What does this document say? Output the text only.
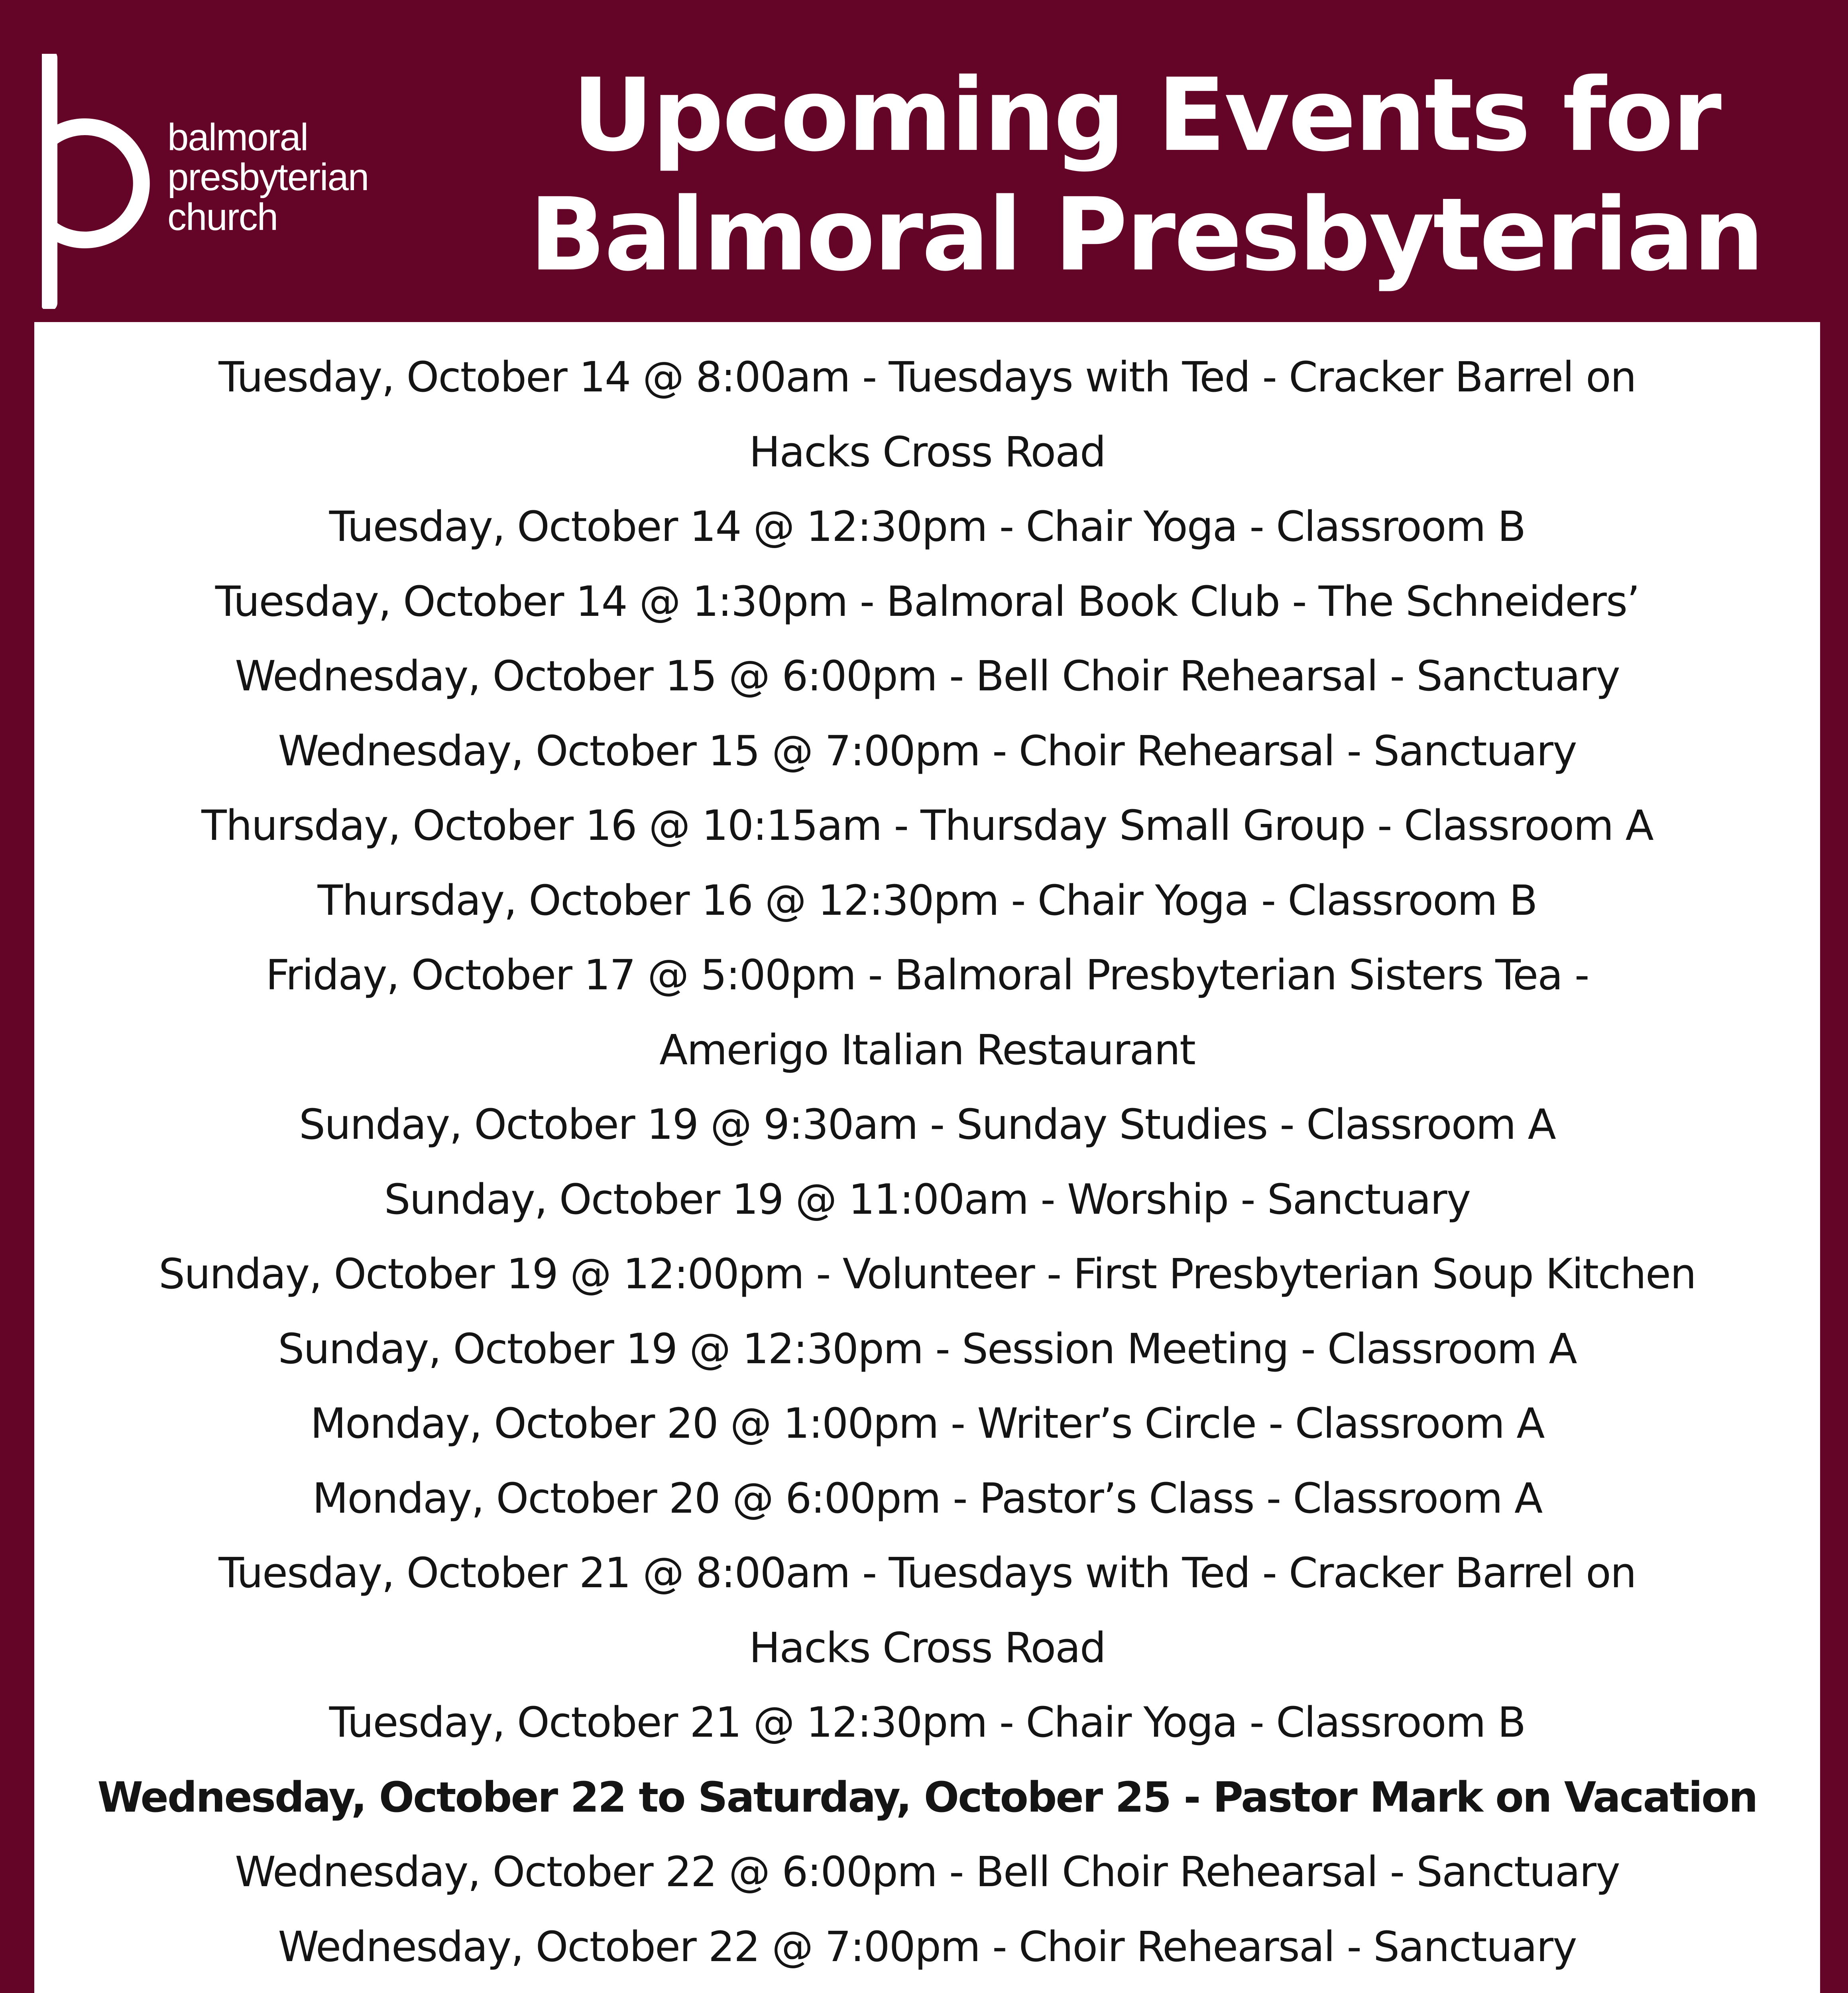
balmoral
presbyterian
church
Upcoming Events for
Balmoral Presbyterian
Tuesday, October 14 @ 8:00am - Tuesdays with Ted - Cracker Barrel on
Hacks Cross Road
Tuesday, October 14 @ 12:30pm - Chair Yoga - Classroom B
Tuesday, October 14 @ 1:30pm - Balmoral Book Club - The Schneiders’
Wednesday, October 15 @ 6:00pm - Bell Choir Rehearsal - Sanctuary
Wednesday, October 15 @ 7:00pm - Choir Rehearsal - Sanctuary
Thursday, October 16 @ 10:15am - Thursday Small Group - Classroom A
Thursday, October 16 @ 12:30pm - Chair Yoga - Classroom B
Friday, October 17 @ 5:00pm - Balmoral Presbyterian Sisters Tea -
Amerigo Italian Restaurant
Sunday, October 19 @ 9:30am - Sunday Studies - Classroom A
Sunday, October 19 @ 11:00am - Worship - Sanctuary
Sunday, October 19 @ 12:00pm - Volunteer - First Presbyterian Soup Kitchen
Sunday, October 19 @ 12:30pm - Session Meeting - Classroom A
Monday, October 20 @ 1:00pm - Writer’s Circle - Classroom A
Monday, October 20 @ 6:00pm - Pastor’s Class - Classroom A
Tuesday, October 21 @ 8:00am - Tuesdays with Ted - Cracker Barrel on
Hacks Cross Road
Tuesday, October 21 @ 12:30pm - Chair Yoga - Classroom B
Wednesday, October 22 to Saturday, October 25 - Pastor Mark on Vacation
Wednesday, October 22 @ 6:00pm - Bell Choir Rehearsal - Sanctuary
Wednesday, October 22 @ 7:00pm - Choir Rehearsal - Sanctuary
